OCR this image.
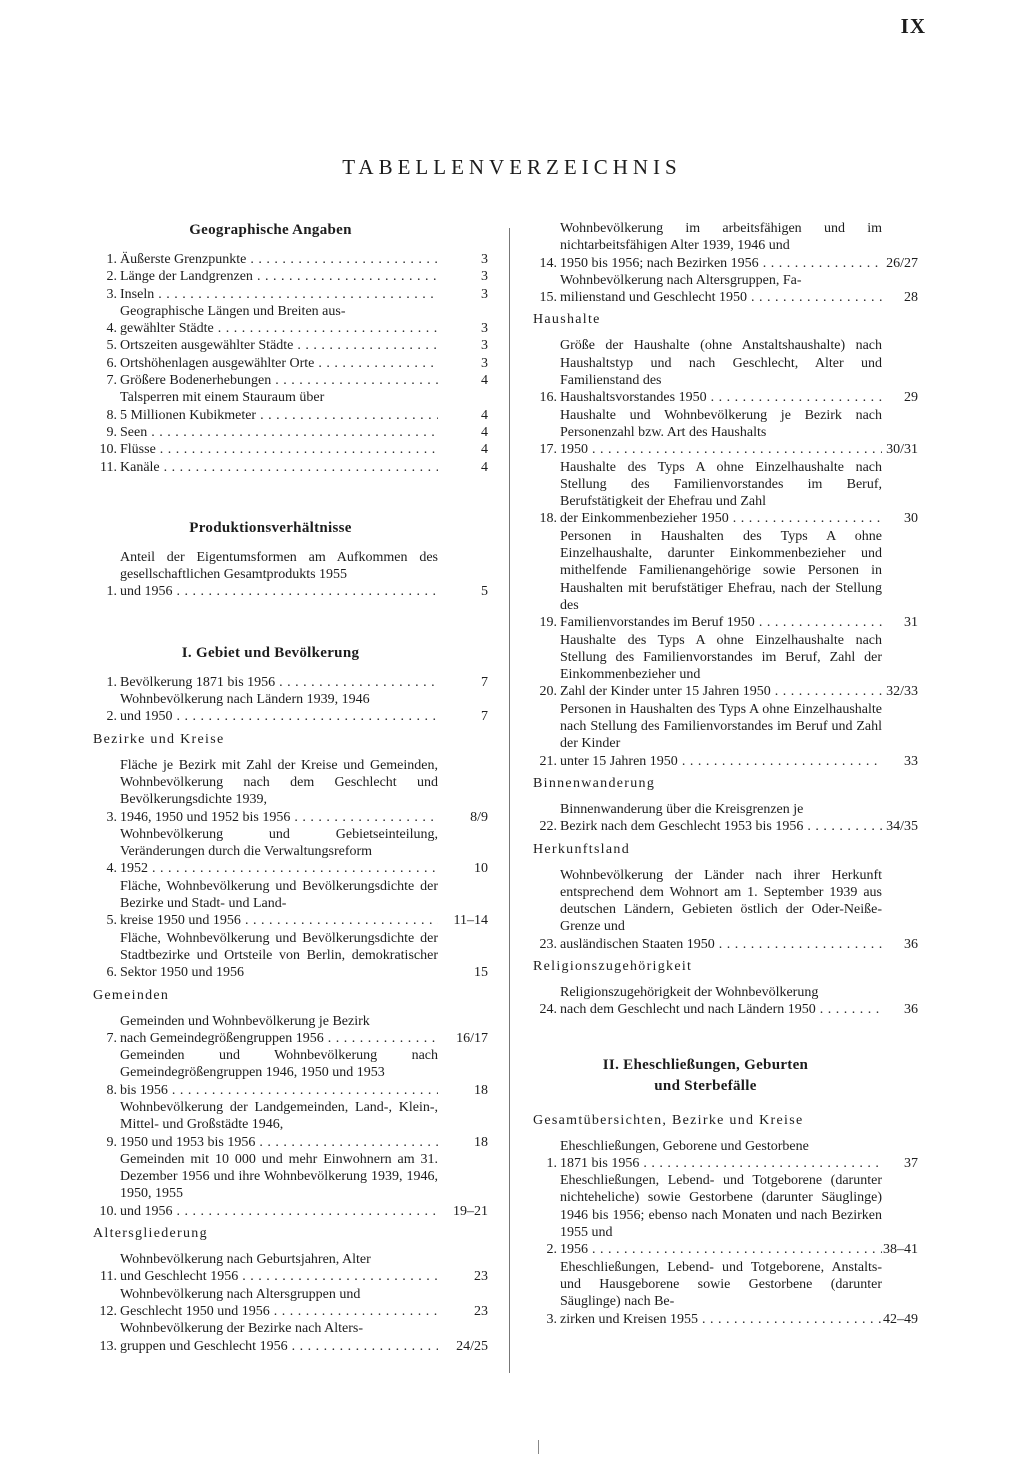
IX
TABELLENVERZEICHNIS
Geographische Angaben
1. Äußerste Grenzpunkte . . .	3
2. Länge der Landgrenzen . . .	3
3. Inseln . . .	3
4.
Geographische Längen und Breiten aus-
gewählter Städte . . .	3
5. Ortszeiten ausgewählter Städte . . .	3
6. Ortshöhenlagen ausgewählter Orte . . .	3
7. Größere Bodenerhebungen . . .	4
8.
Talsperren mit einem Stauraum über
5 Millionen Kubikmeter . . .	4
9. Seen . . .	4
10. Flüsse . . .	4
11. Kanäle . . .	4
Produktionsverhältnisse
1.
Anteil der Eigentumsformen am Aufkommen des gesellschaftlichen Gesamtprodukts 1955
und 1956 . . .	5
I. Gebiet und Bevölkerung
1. Bevölkerung 1871 bis 1956 . . .	7
2.
Wohnbevölkerung nach Ländern 1939, 1946
und 1950 . . .	7
Bezirke und Kreise
3.
Fläche je Bezirk mit Zahl der Kreise und Gemeinden, Wohnbevölkerung nach dem Geschlecht und Bevölkerungsdichte 1939,
1946, 1950 und 1952 bis 1956 . . .	8/9
4.
Wohnbevölkerung und Gebietseinteilung, Veränderungen durch die Verwaltungsreform
1952 . . .	10
5.
Fläche, Wohnbevölkerung und Bevölkerungsdichte der Bezirke und Stadt- und Land-
kreise 1950 und 1956 . . .	11–14
6.
Fläche, Wohnbevölkerung und Bevölkerungsdichte der Stadtbezirke und Ortsteile von Berlin, demokratischer Sektor 1950 und 1956	15
Gemeinden
7.
Gemeinden und Wohnbevölkerung je Bezirk
nach Gemeindegrößengruppen 1956 . . .	16/17
8.
Gemeinden und Wohnbevölkerung nach Gemeindegrößengruppen 1946, 1950 und 1953
bis 1956 . . .	18
9.
Wohnbevölkerung der Landgemeinden, Land-, Klein-, Mittel- und Großstädte 1946,
1950 und 1953 bis 1956 . . .	18
10.
Gemeinden mit 10 000 und mehr Einwohnern am 31. Dezember 1956 und ihre Wohnbevölkerung 1939, 1946, 1950, 1955
und 1956 . . .	19–21
Altersgliederung
11.
Wohnbevölkerung nach Geburtsjahren, Alter
und Geschlecht 1956 . . .	23
12.
Wohnbevölkerung nach Altersgruppen und
Geschlecht 1950 und 1956 . . .	23
13.
Wohnbevölkerung der Bezirke nach Alters-
gruppen und Geschlecht 1956 . . .	24/25
14.
Wohnbevölkerung im arbeitsfähigen und im nichtarbeitsfähigen Alter 1939, 1946 und
1950 bis 1956; nach Bezirken 1956 . . .	26/27
15.
Wohnbevölkerung nach Altersgruppen, Fa-
milienstand und Geschlecht 1950 . . .	28
Haushalte
16.
Größe der Haushalte (ohne Anstaltshaushalte) nach Haushaltstyp und nach Geschlecht, Alter und Familienstand des
Haushaltsvorstandes 1950 . . .	29
17.
Haushalte und Wohnbevölkerung je Bezirk nach Personenzahl bzw. Art des Haushalts
1950 . . .	30/31
18.
Haushalte des Typs A ohne Einzelhaushalte nach Stellung des Familienvorstandes im Beruf, Berufstätigkeit der Ehefrau und Zahl
der Einkommenbezieher 1950 . . .	30
19.
Personen in Haushalten des Typs A ohne Einzelhaushalte, darunter Einkommenbezieher und mithelfende Familienangehörige sowie Personen in Haushalten mit berufstätiger Ehefrau, nach der Stellung des
Familienvorstandes im Beruf 1950 . . .	31
20.
Haushalte des Typs A ohne Einzelhaushalte nach Stellung des Familienvorstandes im Beruf, Zahl der Einkommenbezieher und
Zahl der Kinder unter 15 Jahren 1950 . . .	32/33
21.
Personen in Haushalten des Typs A ohne Einzelhaushalte nach Stellung des Familienvorstandes im Beruf und Zahl der Kinder
unter 15 Jahren 1950 . . .	33
Binnenwanderung
22.
Binnenwanderung über die Kreisgrenzen je
Bezirk nach dem Geschlecht 1953 bis 1956 . . .	34/35
Herkunftsland
23.
Wohnbevölkerung der Länder nach ihrer Herkunft entsprechend dem Wohnort am 1. September 1939 aus deutschen Ländern, Gebieten östlich der Oder-Neiße-Grenze und
ausländischen Staaten 1950 . . .	36
Religionszugehörigkeit
24.
Religionszugehörigkeit der Wohnbevölkerung
nach dem Geschlecht und nach Ländern 1950 . . .	36
II. Eheschließungen, Geburten
und Sterbefälle
Gesamtübersichten, Bezirke und Kreise
1.
Eheschließungen, Geborene und Gestorbene
1871 bis 1956 . . .	37
2.
Eheschließungen, Lebend- und Totgeborene (darunter nichteheliche) sowie Gestorbene (darunter Säuglinge) 1946 bis 1956; ebenso nach Monaten und nach Bezirken 1955 und
1956 . . .	38–41
3.
Eheschließungen, Lebend- und Totgeborene, Anstalts- und Hausgeborene sowie Gestorbene (darunter Säuglinge) nach Be-
zirken und Kreisen 1955 . . .	42–49
